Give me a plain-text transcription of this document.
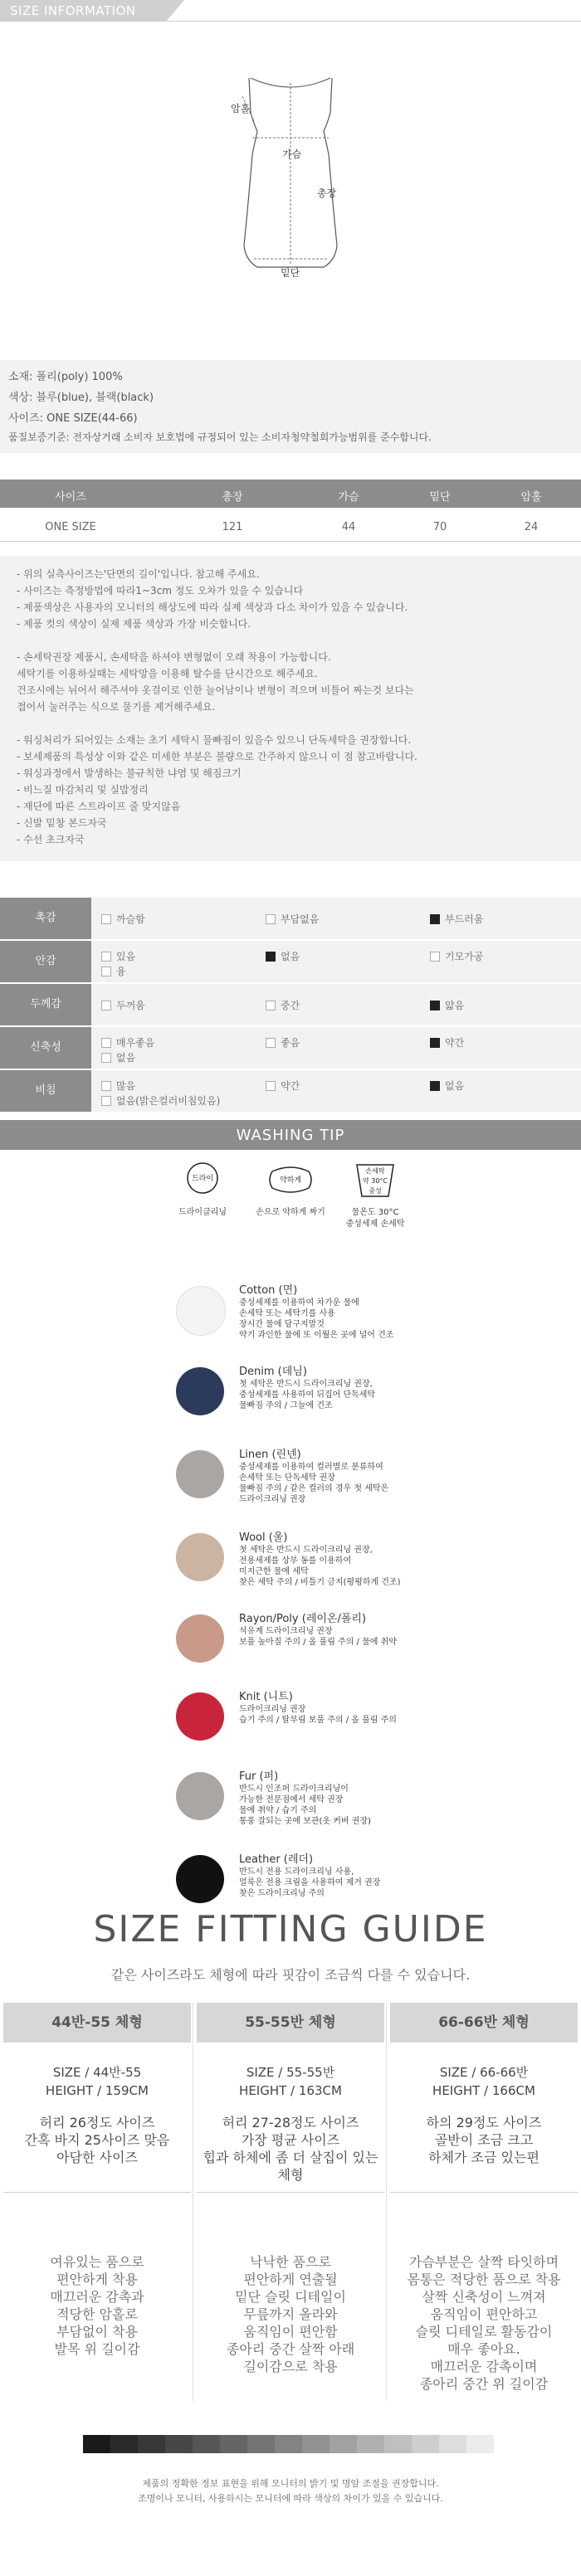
SIZE INFORMATION
암홀
가슴
총장
밑단
소재: 폴리(poly) 100%
색상: 블루(blue), 블랙(black)
사이즈: ONE SIZE(44-66)
품질보증기준: 전자상거래 소비자 보호법에 규정되어 있는 소비자청약철회가능범위를 준수합니다.
사이즈	총장	가슴	밑단	암홀
ONE SIZE	121	44	70	24
- 위의 실측사이즈는'단면의 길이'입니다. 참고해 주세요.
- 사이즈는 측정방법에 따라1~3cm 정도 오차가 있을 수 있습니다
- 제품색상은 사용자의 모니터의 해상도에 따라 실제 색상과 다소 차이가 있을 수 있습니다.
- 제품 컷의 색상이 실제 제품 색상과 가장 비슷합니다.
- 손세탁권장 제품시, 손세탁을 하셔야 변형없이 오래 착용이 가능합니다.
세탁기를 이용하실때는 세탁망을 이용해 탈수를 단시간으로 해주세요.
건조시에는 뉘어서 해주셔야 옷걸이로 인한 늘어남이나 변형이 적으며 비틀어 짜는것 보다는
접어서 눌러주는 식으로 물기를 제거해주세요.
- 워싱처리가 되어있는 소재는 초기 세탁시 물빠짐이 있을수 있으니 단독세탁을 권장합니다.
- 보세제품의 특성상 이와 같은 미세한 부분은 불량으로 간주하지 않으니 이 점 참고바랍니다.
- 워싱과정에서 발생하는 불규칙한 냐염 및 해짐크기
- 비느질 마감처리 및 실밥정리
- 재단에 따른 스트라이프 줄 맞지않음
- 신발 밑창 본드자국
- 수선 초크자국
촉감	까슬함	부담없음	부드러움
안감	있음	없음	기모가공
융
두께감	두꺼움	중간	얇음
신축성	매우좋음	좋음	약간
없음
비침	많음	약간	없음
없음(밝은컬러비침있음)
WASHING TIP
드라이
드라이클리닝
약하게
손으로 약하게 짜기
손세탁
약 30°C
중성
물온도 30°C
중성세제 손세탁
Cotton (면)
중성세제를 이용하여 차가운 물에
손세탁 또는 세탁기를 사용
장시간 물에 담구지말것
약기 과인한 물에 또 이월은 곳에 널어 건조
Denim (데님)
첫 세탁은 반드시 드라이크리닝 권장,
중성세제를 사용하여 뒤집어 단독세탁
물빠짐 주의 / 그늘에 건조
Linen (린넨)
중성세제를 이용하여 컬러별로 분류하여
손세탁 또는 단독세탁 권장
물빠짐 주의 / 같은 컬러의 경우 첫 세탁은
드라이크리닝 권장
Wool (울)
첫 세탁은 반드시 드라이크리닝 권장,
전용세제를 상부 동를 이용하여
미지근한 물에 세탁
찾은 세탁 주의 / 비틀기 금지(평평하게 건조)
Rayon/Poly (레이온/폴리)
석유계 드라이크리닝 권장
보풀 높아질 주의 / 올 풀림 주의 / 물에 취약
Knit (니트)
드라이크리닝 권장
습기 주의 / 탈부림 보풀 주의 / 올 풀림 주의
Fur (퍼)
반드시 인조퍼 드라이크리닝이
가능한 전문점에서 세탁 권장
물에 취약 / 습기 주의
통풍 잘되는 곳에 보관(옷 커버 권장)
Leather (레더)
반드시 전용 드라이크리닝 사용,
얼룩은 전용 크림을 사용하여 제거 권장
찾은 드라이크리닝 주의
SIZE FITTING GUIDE
같은 사이즈라도 체형에 따라 핏감이 조금씩 다를 수 있습니다.
44반-55 체형
SIZE / 44반-55
HEIGHT / 159CM
허리 26정도 사이즈
간혹 바지 25사이즈 맞음
아담한 사이즈
여유있는 품으로
편안하게 착용
매끄러운 감촉과
적당한 암홀로
부담없이 착용
발목 위 길이감
55-55반 체형
SIZE / 55-55반
HEIGHT / 163CM
허리 27-28정도 사이즈
가장 평균 사이즈
힙과 하체에 좀 더 살집이 있는
체형
낙낙한 품으로
편안하게 연출될
밑단 슬릿 디테일이
무릎까지 올라와
움직임이 편안함
종아리 중간 살짝 아래
길이감으로 착용
66-66반 체형
SIZE / 66-66반
HEIGHT / 166CM
하의 29정도 사이즈
골반이 조금 크고
하체가 조금 있는편
가슴부분은 살짝 타잇하며
몸통은 적당한 품으로 착용
살짝 신축성이 느껴져
움직임이 편안하고
슬릿 디테일로 활동감이
매우 좋아요.
매끄러운 감촉이며
종아리 중간 위 길이감
제품의 정확한 정보 표현을 위해 모니터의 밝기 및 명암 조절을 권장합니다.
조명이나 모니터, 사용하시는 모니터에 따라 색상의 차이가 있을 수 있습니다.
